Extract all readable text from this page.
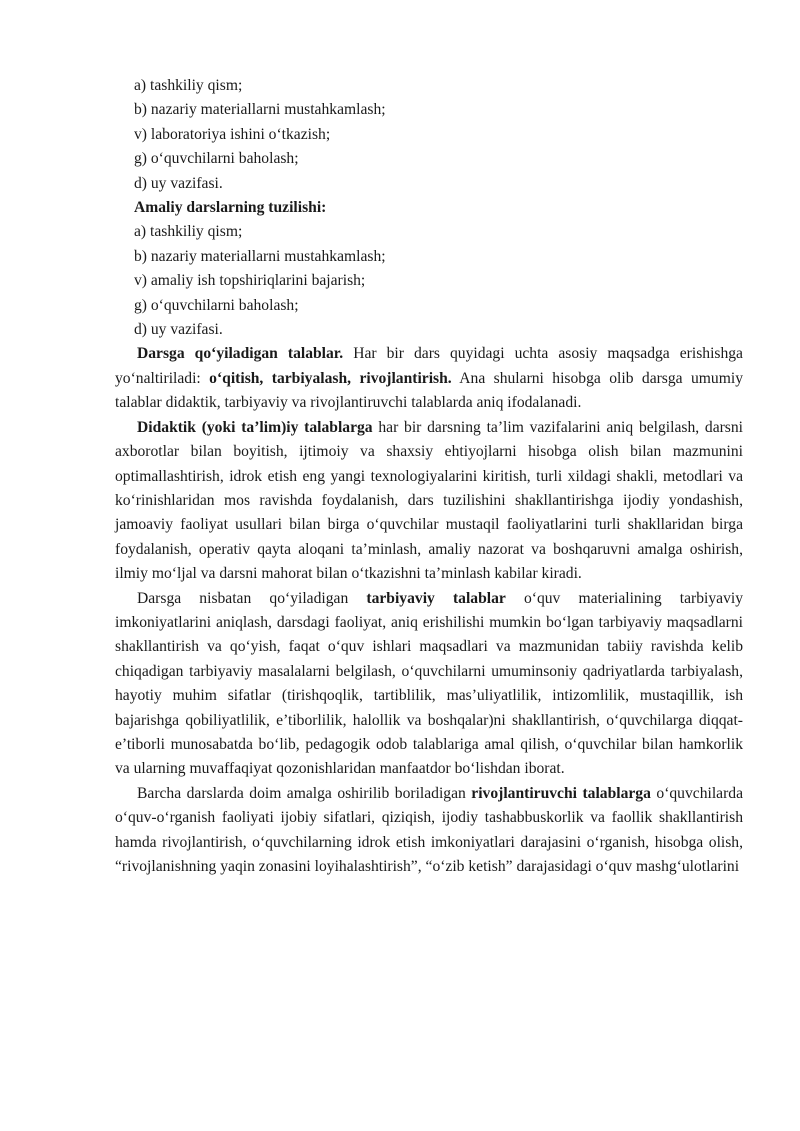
a) tashkiliy qism;
b) nazariy materiallarni mustahkamlash;
v) laboratoriya ishini o‘tkazish;
g) o‘quvchilarni baholash;
d) uy vazifasi.
Amaliy darslarning tuzilishi:
a) tashkiliy qism;
b) nazariy materiallarni mustahkamlash;
v) amaliy ish topshiriqlarini bajarish;
g) o‘quvchilarni baholash;
d) uy vazifasi.

Darsga qo‘yiladigan talablar. Har bir dars quyidagi uchta asosiy maqsadga erishishga yo‘naltiriladi: o‘qitish, tarbiyalash, rivojlantirish. Ana shularni hisobga olib darsga umumiy talablar didaktik, tarbiyaviy va rivojlantiruvchi talablarda aniq ifodalanadi.

Didaktik (yoki ta’lim)iy talablarga har bir darsning ta’lim vazifalarini aniq belgilash, darsni axborotlar bilan boyitish, ijtimoiy va shaxsiy ehtiyojlarni hisobga olish bilan mazmunini optimallashtirish, idrok etish eng yangi texnologiyalarini kiritish, turli xildagi shakli, metodlari va ko‘rinishlaridan mos ravishda foydalanish, dars tuzilishini shakllantirishga ijodiy yondashish, jamoaviy faoliyat usullari bilan birga o‘quvchilar mustaqil faoliyatlarini turli shakllaridan birga foydalanish, operativ qayta aloqani ta’minlash, amaliy nazorat va boshqaruvni amalga oshirish, ilmiy mo‘ljal va darsni mahorat bilan o‘tkazishni ta’minlash kabilar kiradi.

Darsga nisbatan qo‘yiladigan tarbiyaviy talablar o‘quv materialining tarbiyaviy imkoniyatlarini aniqlash, darsdagi faoliyat, aniq erishilishi mumkin bo‘lgan tarbiyaviy maqsadlarni shakllantirish va qo‘yish, faqat o‘quv ishlari maqsadlari va mazmunidan tabiiy ravishda kelib chiqadigan tarbiyaviy masalalarni belgilash, o‘quvchilarni umuminsoniy qadriyatlarda tarbiyalash, hayotiy muhim sifatlar (tirishqoqlik, tartiblilik, mas’uliyatlilik, intizomlilik, mustaqillik, ish bajarishga qobiliyatlilik, e’tiborlilik, halollik va boshqalar)ni shakllantirish, o‘quvchilarga diqqat-e’tiborli munosabatda bo‘lib, pedagogik odob talablariga amal qilish, o‘quvchilar bilan hamkorlik va ularning muvaffaqiyat qozonishlaridan manfaatdor bo‘lishdan iborat.

Barcha darslarda doim amalga oshirilib boriladigan rivojlantiruvchi talablarga o‘quvchilarda o‘quv-o‘rganish faoliyati ijobiy sifatlari, qiziqish, ijodiy tashabbuskorlik va faollik shakllantirish hamda rivojlantirish, o‘quvchilarning idrok etish imkoniyatlari darajasini o‘rganish, hisobga olish, “rivojlanishning yaqin zonasini loyihalashtirish”, “o‘zib ketish” darajasidagi o‘quv mashg‘ulotlarini
